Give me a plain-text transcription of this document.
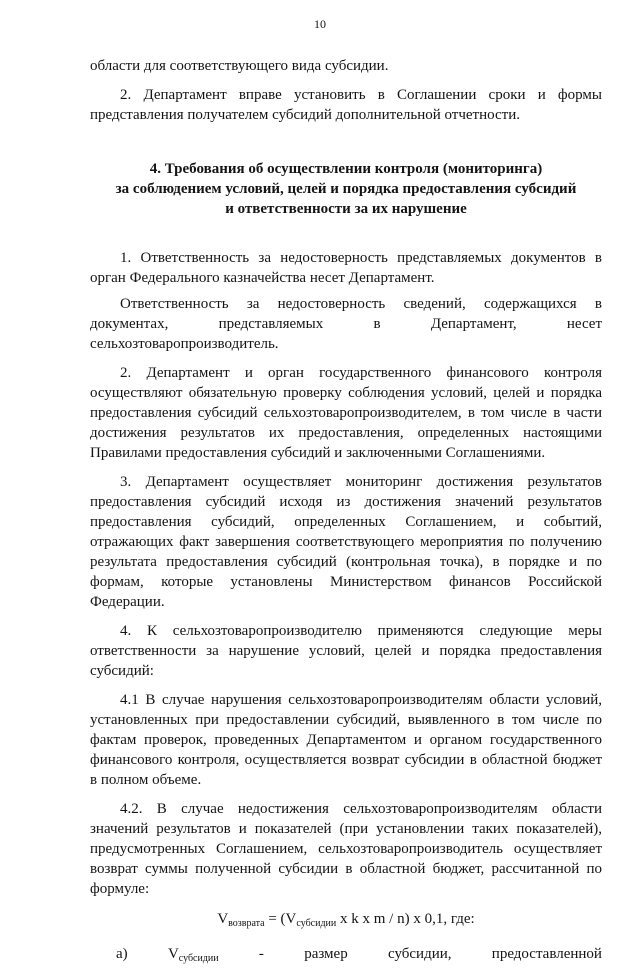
10

области для соответствующего вида субсидии.

2. Департамент вправе установить в Соглашении сроки и формы представления получателем субсидий дополнительной отчетности.

4. Требования об осуществлении контроля (мониторинга)
за соблюдением условий, целей и порядка предоставления субсидий
и ответственности за их нарушение

1. Ответственность за недостоверность представляемых документов в орган Федерального казначейства несет Департамент.

Ответственность за недостоверность сведений, содержащихся в документах, представляемых в Департамент, несет сельхозтоваропроизводитель.

2. Департамент и орган государственного финансового контроля осуществляют обязательную проверку соблюдения условий, целей и порядка предоставления субсидий сельхозтоваропроизводителем, в том числе в части достижения результатов их предоставления, определенных настоящими Правилами предоставления субсидий и заключенными Соглашениями.

3. Департамент осуществляет мониторинг достижения результатов предоставления субсидий исходя из достижения значений результатов предоставления субсидий, определенных Соглашением, и событий, отражающих факт завершения соответствующего мероприятия по получению результата предоставления субсидий (контрольная точка), в порядке и по формам, которые установлены Министерством финансов Российской Федерации.

4. К сельхозтоваропроизводителю применяются следующие меры ответственности за нарушение условий, целей и порядка предоставления субсидий:

4.1 В случае нарушения сельхозтоваропроизводителям области условий, установленных при предоставлении субсидий, выявленного в том числе по фактам проверок, проведенных Департаментом и органом государственного финансового контроля, осуществляется возврат субсидии в областной бюджет в полном объеме.

4.2. В случае недостижения сельхозтоваропроизводителям области значений результатов и показателей (при установлении таких показателей), предусмотренных Соглашением, сельхозтоваропроизводитель осуществляет возврат суммы полученной субсидии в областной бюджет, рассчитанной по формуле:

$V_{возврата} = (V_{субсидии}$ x k x m / n) x 0,1, где:

а)	$V_{субсидии}$	-	размер	субсидии,	предоставленной
